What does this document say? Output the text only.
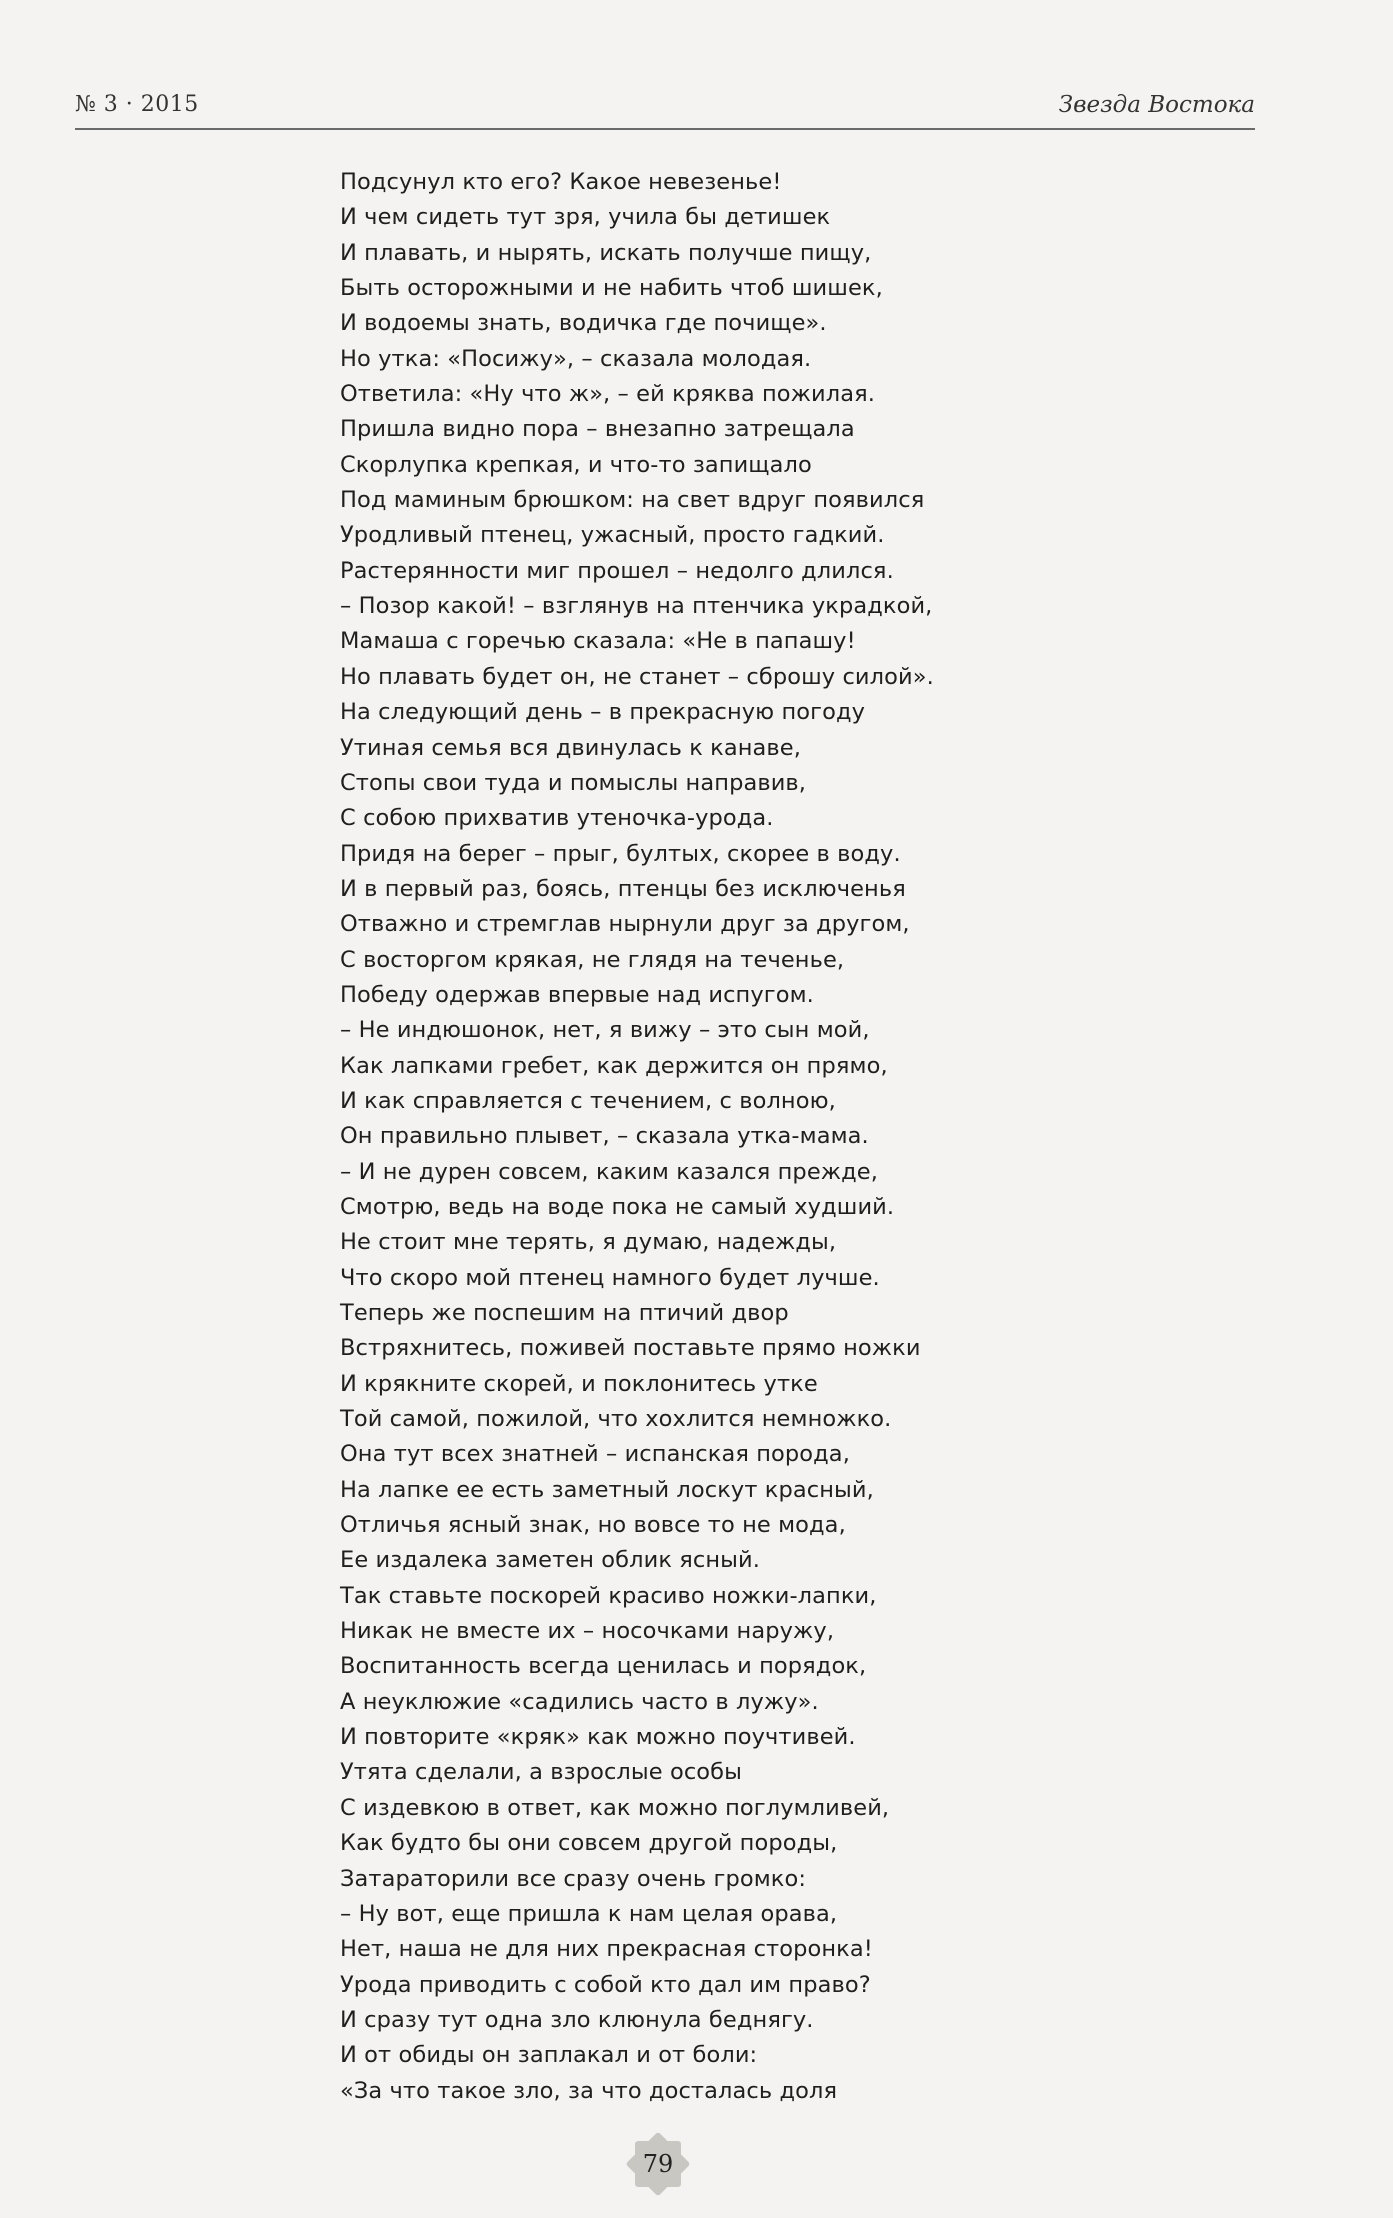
№ 3 · 2015	Звезда Востока
Подсунул кто его? Какое невезенье!
И чем сидеть тут зря, учила бы детишек
И плавать, и нырять, искать получше пищу,
Быть осторожными и не набить чтоб шишек,
И водоемы знать, водичка где почище».
Но утка: «Посижу», – сказала молодая.
Ответила: «Ну что ж», – ей кряква пожилая.
Пришла видно пора – внезапно затрещала
Скорлупка крепкая, и что-то запищало
Под маминым брюшком: на свет вдруг появился
Уродливый птенец, ужасный, просто гадкий.
Растерянности миг прошел – недолго длился.
– Позор какой! – взглянув на птенчика украдкой,
Мамаша с горечью сказала: «Не в папашу!
Но плавать будет он, не станет – сброшу силой».
На следующий день – в прекрасную погоду
Утиная семья вся двинулась к канаве,
Стопы свои туда и помыслы направив,
С собою прихватив утеночка-урода.
Придя на берег – прыг, бултых, скорее в воду.
И в первый раз, боясь, птенцы без исключенья
Отважно и стремглав нырнули друг за другом,
С восторгом крякая, не глядя на теченье,
Победу одержав впервые над испугом.
– Не индюшонок, нет, я вижу – это сын мой,
Как лапками гребет, как держится он прямо,
И как справляется с течением, с волною,
Он правильно плывет, – сказала утка-мама.
– И не дурен совсем, каким казался прежде,
Смотрю, ведь на воде пока не самый худший.
Не стоит мне терять, я думаю, надежды,
Что скоро мой птенец намного будет лучше.
Теперь же поспешим на птичий двор
Встряхнитесь, поживей поставьте прямо ножки
И крякните скорей, и поклонитесь утке
Той самой, пожилой, что хохлится немножко.
Она тут всех знатней – испанская порода,
На лапке ее есть заметный лоскут красный,
Отличья ясный знак, но вовсе то не мода,
Ее издалека заметен облик ясный.
Так ставьте поскорей красиво ножки-лапки,
Никак не вместе их – носочками наружу,
Воспитанность всегда ценилась и порядок,
А неуклюжие «садились часто в лужу».
И повторите «кряк» как можно поучтивей.
Утята сделали, а взрослые особы
С издевкою в ответ, как можно поглумливей,
Как будто бы они совсем другой породы,
Затараторили все сразу очень громко:
– Ну вот, еще пришла к нам целая орава,
Нет, наша не для них прекрасная сторонка!
Урода приводить с собой кто дал им право?
И сразу тут одна зло клюнула беднягу.
И от обиды он заплакал и от боли:
«За что такое зло, за что досталась доля
79
